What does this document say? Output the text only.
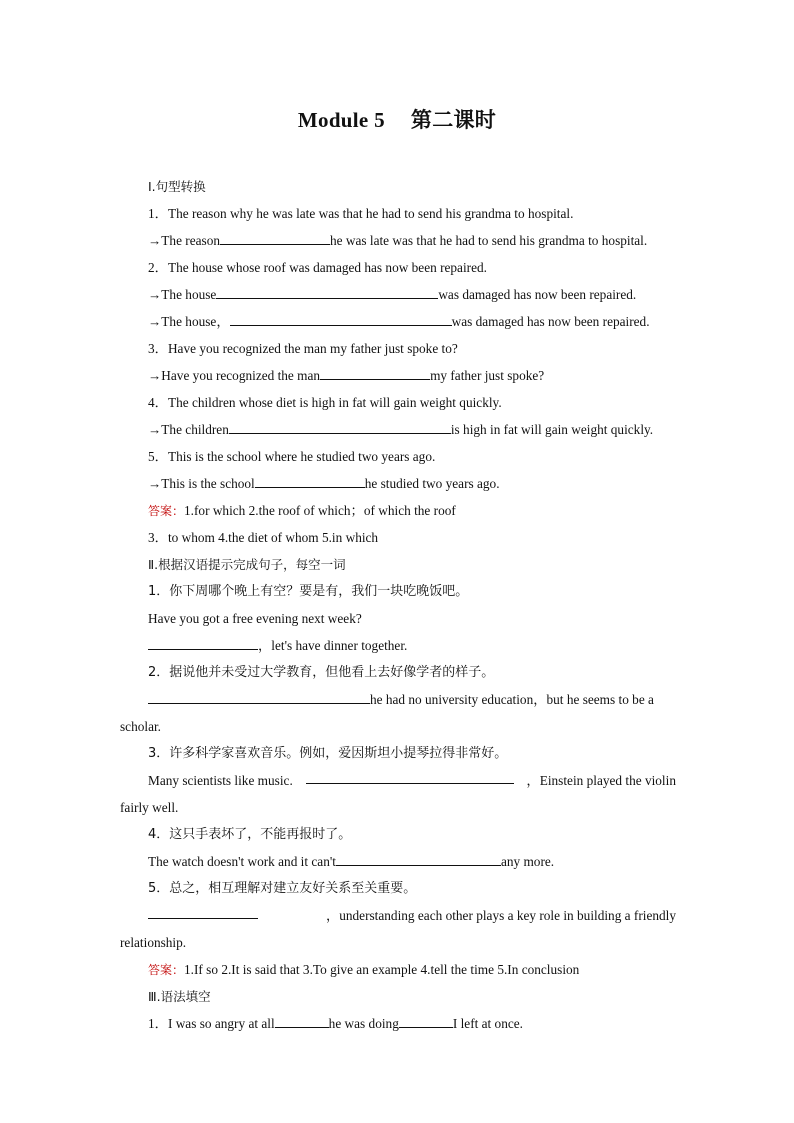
Module 5 第二课时
Ⅰ.句型转换
1．The reason why he was late was that he had to send his grandma to hospital.
→The reason	he was late was that he had to send his grandma to hospital.
2．The house whose roof was damaged has now been repaired.
→The house	was damaged has now been repaired.
→The house，	was damaged has now been repaired.
3．Have you recognized the man my father just spoke to?
→Have you recognized the man	my father just spoke?
4．The children whose diet is high in fat will gain weight quickly.
→The children	is high in fat will gain weight quickly.
5．This is the school where he studied two years ago.
→This is the school	he studied two years ago.
答案：1.for which 2.the roof of which；of which the roof
3．to whom 4.the diet of whom 5.in which
Ⅱ.根据汉语提示完成句子，每空一词
1．你下周哪个晚上有空？要是有，我们一块吃晚饭吧。
Have you got a free evening next week?
，let's have dinner together.
2．据说他并未受过大学教育，但他看上去好像学者的样子。
he had no university education，but he seems to be a
scholar.
3．许多科学家喜欢音乐。例如，爱因斯坦小提琴拉得非常好。
Many scientists like music.	，Einstein played the violin
fairly well.
4．这只手表坏了，不能再报时了。
The watch doesn't work and it can't	any more.
5．总之，相互理解对建立友好关系至关重要。
，understanding each other plays a key role in building a friendly
relationship.
答案：1.If so 2.It is said that 3.To give an example 4.tell the time 5.In conclusion
Ⅲ.语法填空
1．I was so angry at all	he was doing	I left at once.
